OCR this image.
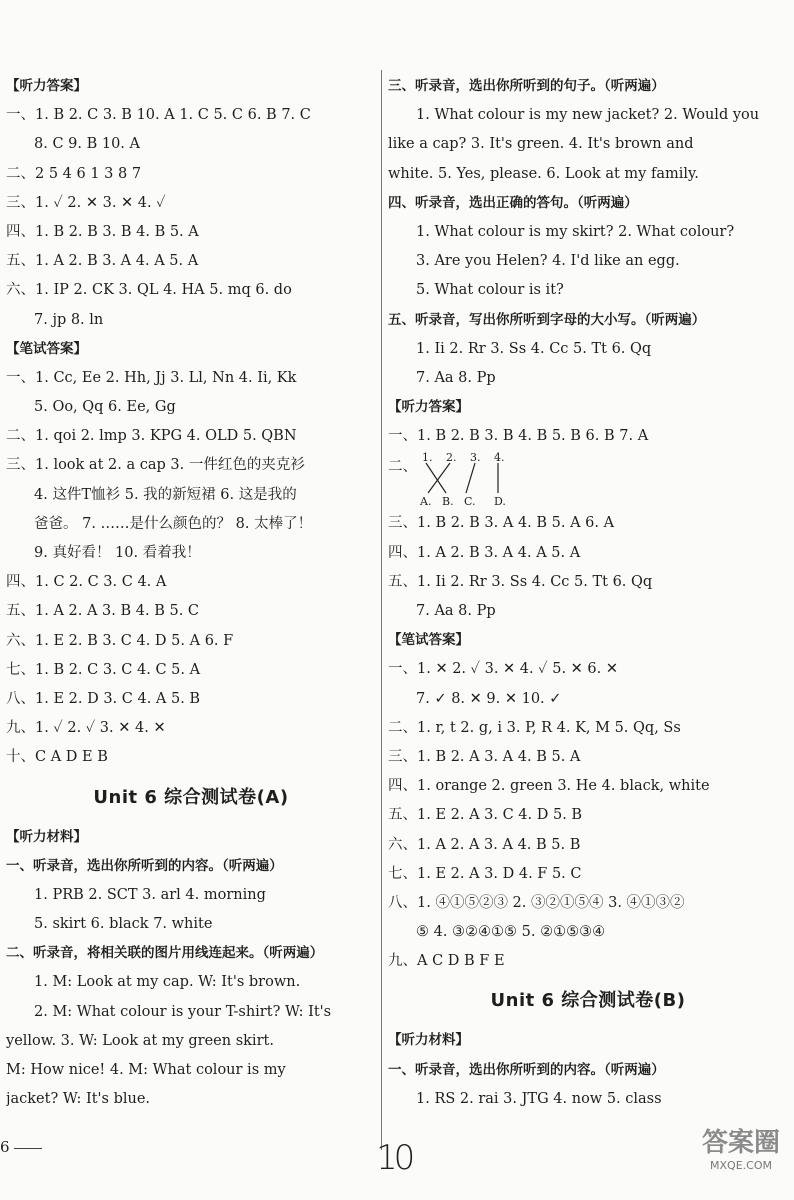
【听力答案】
一、1. B 2. C 3. B 10. A 1. C 5. C 6. B 7. C
8. C 9. B 10. A
二、2 5 4 6 1 3 8 7
三、1. ✓ 2. ✕ 3. ✕ 4. ✓
四、1. B 2. B 3. B 4. B 5. A
五、1. A 2. B 3. A 4. A 5. A
六、1. IP 2. CK 3. QL 4. HA 5. mq 6. do
7. jp 8. ln
【笔试答案】
一、1. Cc, Ee 2. Hh, Jj 3. Ll, Nn 4. Ii, Kk
5. Oo, Qq 6. Ee, Gg
二、1. qoi 2. lmp 3. KPG 4. OLD 5. QBN
三、1. look at 2. a cap 3. 一件红色的夹克衫
4. 这件T恤衫 5. 我的新短裙 6. 这是我的
爸爸。 7. ……是什么颜色的？ 8. 太棒了！
9. 真好看！ 10. 看着我！
四、1. C 2. C 3. C 4. A
五、1. A 2. A 3. B 4. B 5. C
六、1. E 2. B 3. C 4. D 5. A 6. F
七、1. B 2. C 3. C 4. C 5. A
八、1. E 2. D 3. C 4. A 5. B
九、1. ✓ 2. ✓ 3. ✕ 4. ✕
十、C A D E B
Unit 6 综合测试卷(A)
【听力材料】
一、听录音，选出你所听到的内容。（听两遍）
1. PRB 2. SCT 3. arl 4. morning
5. skirt 6. black 7. white
二、听录音，将相关联的图片用线连起来。（听两遍）
1. M: Look at my cap. W: It's brown.
2. M: What colour is your T-shirt? W: It's
yellow. 3. W: Look at my green skirt.
M: How nice! 4. M: What colour is my
jacket? W: It's blue.
三、听录音，选出你所听到的句子。（听两遍）
1. What colour is my new jacket? 2. Would you
like a cap? 3. It's green. 4. It's brown and
white. 5. Yes, please. 6. Look at my family.
四、听录音，选出正确的答句。（听两遍）
1. What colour is my skirt? 2. What colour?
3. Are you Helen? 4. I'd like an egg.
5. What colour is it?
五、听录音，写出你所听到字母的大小写。（听两遍）
1. Ii 2. Rr 3. Ss 4. Cc 5. Tt 6. Qq
7. Aa 8. Pp
【听力答案】
一、1. B 2. B 3. B 4. B 5. B 6. B 7. A
二、
1. 2. 3. 4.
A. B. C. D.
三、1. B 2. B 3. A 4. B 5. A 6. A
四、1. A 2. B 3. A 4. A 5. A
五、1. Ii 2. Rr 3. Ss 4. Cc 5. Tt 6. Qq
7. Aa 8. Pp
【笔试答案】
一、1. ✕ 2. ✓ 3. ✕ 4. ✓ 5. ✕ 6. ✕
7. ✓ 8. ✕ 9. ✕ 10. ✓
二、1. r, t 2. g, i 3. P, R 4. K, M 5. Qq, Ss
三、1. B 2. A 3. A 4. B 5. A
四、1. orange 2. green 3. He 4. black, white
五、1. E 2. A 3. C 4. D 5. B
六、1. A 2. A 3. A 4. B 5. B
七、1. E 2. A 3. D 4. F 5. C
八、1. ④①⑤②③ 2. ③②①⑤④ 3. ④①③②
⑤ 4. ③②④①⑤ 5. ②①⑤③④
九、A C D B F E
Unit 6 综合测试卷(B)
【听力材料】
一、听录音，选出你所听到的内容。（听两遍）
1. RS 2. rai 3. JTG 4. now 5. class
6	10	答案圈
MXQE.COM
